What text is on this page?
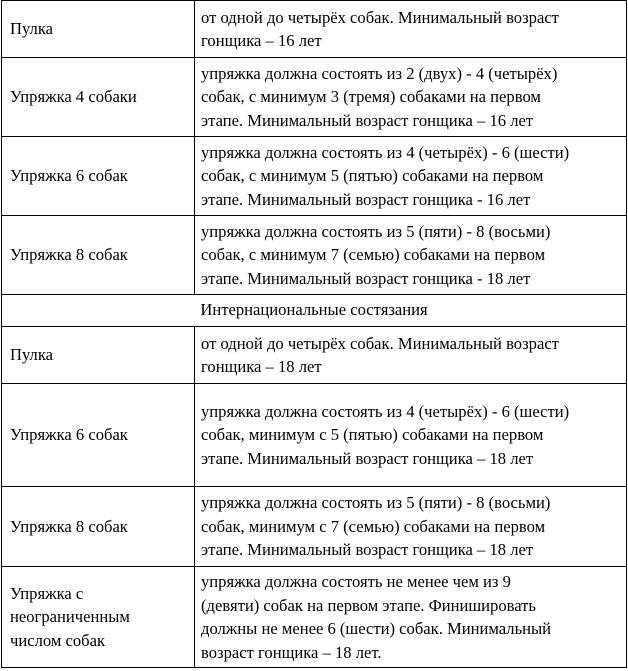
Пулка	от одной до четырёх собак. Минимальный возраст
гонщика – 16 лет

Упряжка 4 собаки	упряжка должна состоять из 2 (двух) - 4 (четырёх)
собак, с минимум 3 (тремя) собаками на первом
этапе. Минимальный возраст гонщика – 16 лет

Упряжка 6 собак	упряжка должна состоять из 4 (четырёх) - 6 (шести)
собак, с минимум 5 (пятью) собаками на первом
этапе. Минимальный возраст гонщика - 16 лет

Упряжка 8 собак	упряжка должна состоять из 5 (пяти) - 8 (восьми)
собак, с минимум 7 (семью) собаками на первом
этапе. Минимальный возраст гонщика - 18 лет

Интернациональные состязания	

Пулка	от одной до четырёх собак. Минимальный возраст
гонщика – 18 лет

Упряжка 6 собак	упряжка должна состоять из 4 (четырёх) - 6 (шести)
собак, минимум с 5 (пятью) собаками на первом
этапе. Минимальный возраст гонщика – 18 лет

Упряжка 8 собак	упряжка должна состоять из 5 (пяти) - 8 (восьми)
собак, минимум с 7 (семью) собаками на первом
этапе. Минимальный возраст гонщика – 18 лет

Упряжка с
неограниченным
числом собак	упряжка должна состоять не менее чем из 9
(девяти) собак на первом этапе. Финишировать
должны не менее 6 (шести) собак. Минимальный
возраст гонщика – 18 лет.
